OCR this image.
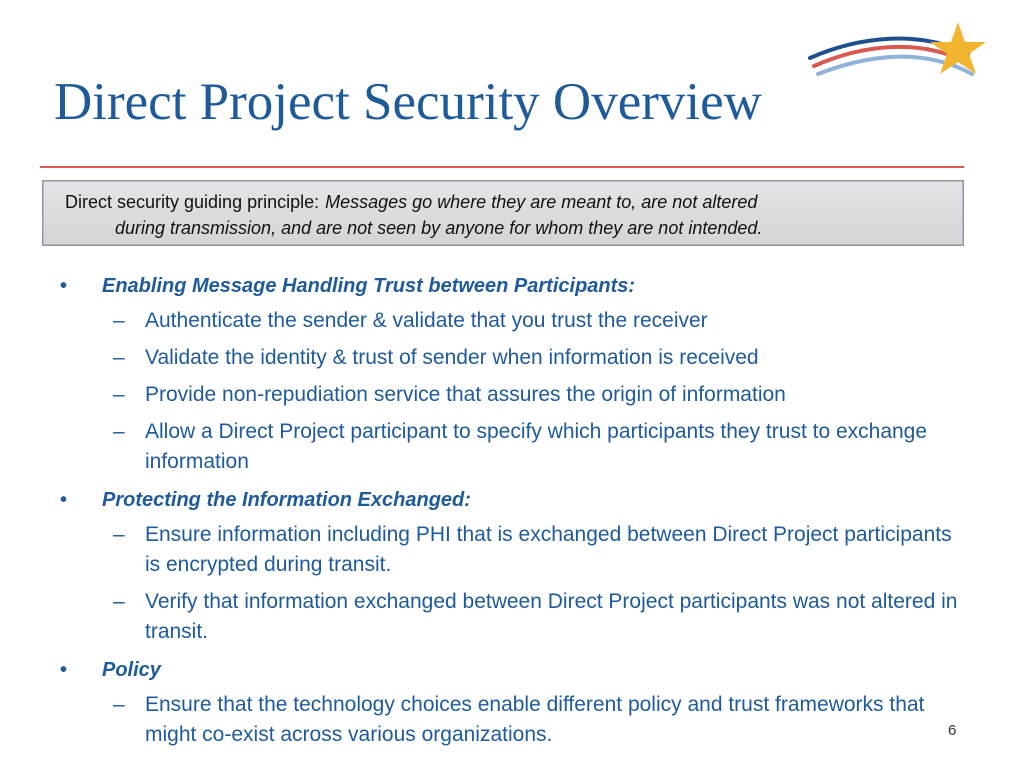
Direct Project Security Overview
Direct security guiding principle: Messages go where they are meant to, are not altered
during transmission, and are not seen by anyone for whom they are not intended.
• Enabling Message Handling Trust between Participants:
– Authenticate the sender & validate that you trust the receiver
– Validate the identity & trust of sender when information is received
– Provide non-repudiation service that assures the origin of information
– Allow a Direct Project participant to specify which participants they trust to exchange information
• Protecting the Information Exchanged:
– Ensure information including PHI that is exchanged between Direct Project participants is encrypted during transit.
– Verify that information exchanged between Direct Project participants was not altered in transit.
• Policy
– Ensure that the technology choices enable different policy and trust frameworks that might co-exist across various organizations.	6
